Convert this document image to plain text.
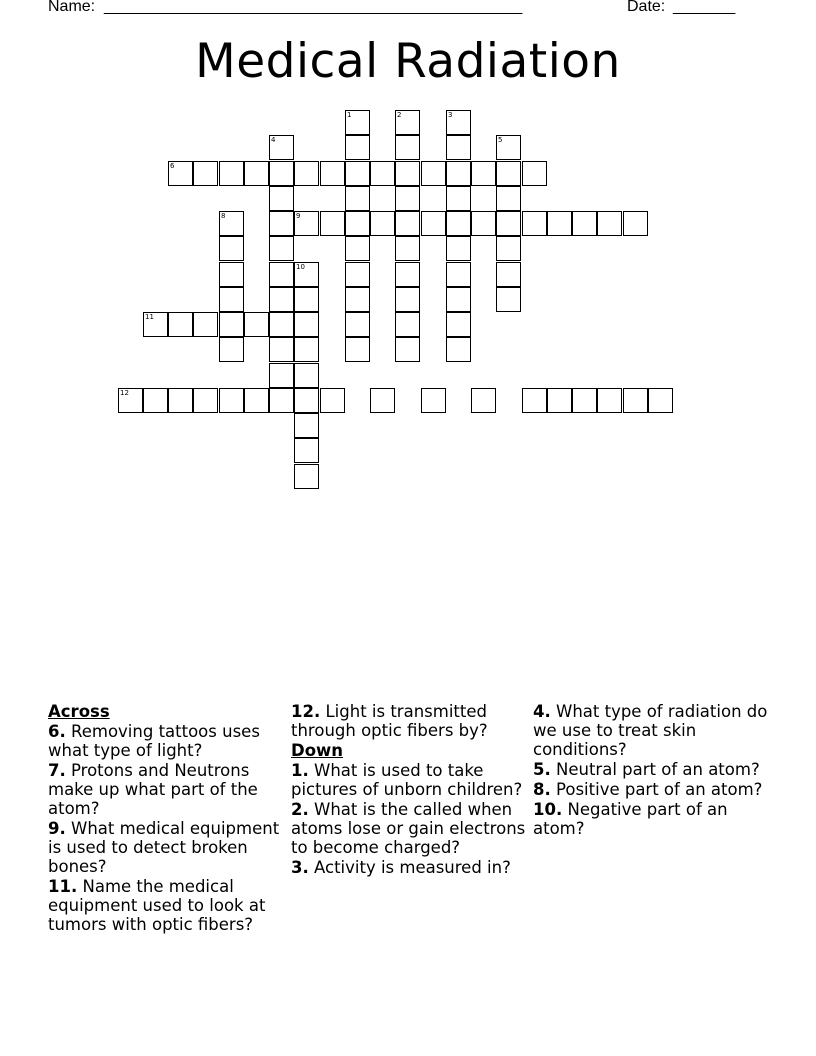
Name: _______________________________________________	Date: _______
Medical Radiation
1	2	3
5
6
4
8	9
10
11
12
Across
6. Removing tattoos uses what type of light?
7. Protons and Neutrons make up what part of the atom?
9. What medical equipment is used to detect broken bones?
11. Name the medical equipment used to look at tumors with optic fibers?
12. Light is transmitted through optic fibers by?
Down
1. What is used to take pictures of unborn children?
2. What is the called when atoms lose or gain electrons to become charged?
3. Activity is measured in?
4. What type of radiation do we use to treat skin conditions?
5. Neutral part of an atom?
8. Positive part of an atom?
10. Negative part of an atom?
